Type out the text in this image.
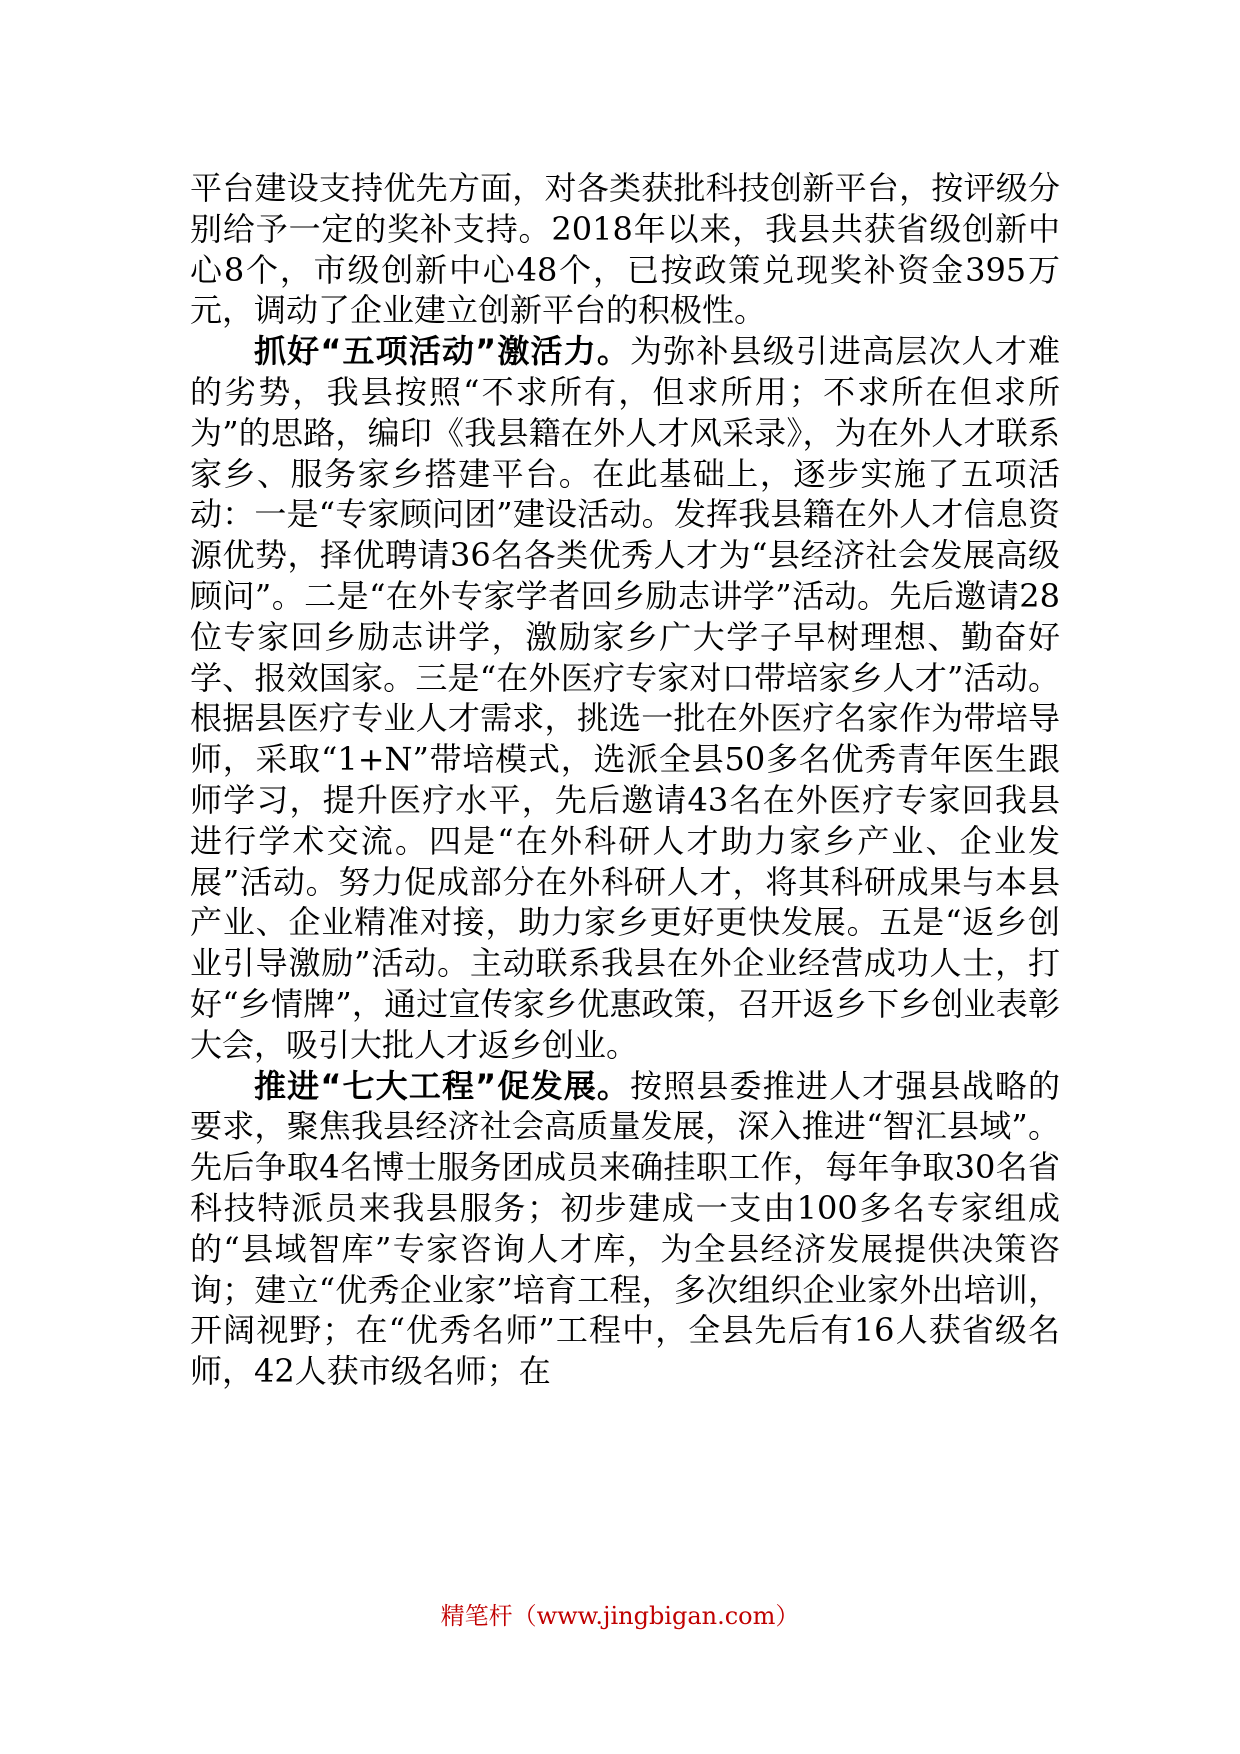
平台建设支持优先方面，对各类获批科技创新平台，按评级分别给予一定的奖补支持。2018年以来，我县共获省级创新中心8个，市级创新中心48个，已按政策兑现奖补资金395万元，调动了企业建立创新平台的积极性。

抓好“五项活动”激活力。为弥补县级引进高层次人才难的劣势，我县按照“不求所有，但求所用；不求所在但求所为”的思路，编印《我县籍在外人才风采录》，为在外人才联系家乡、服务家乡搭建平台。在此基础上，逐步实施了五项活动：一是“专家顾问团”建设活动。发挥我县籍在外人才信息资源优势，择优聘请36名各类优秀人才为“县经济社会发展高级顾问”。二是“在外专家学者回乡励志讲学”活动。先后邀请28位专家回乡励志讲学，激励家乡广大学子早树理想、勤奋好学、报效国家。三是“在外医疗专家对口带培家乡人才”活动。根据县医疗专业人才需求，挑选一批在外医疗名家作为带培导师，采取“1+N”带培模式，选派全县50多名优秀青年医生跟师学习，提升医疗水平，先后邀请43名在外医疗专家回我县进行学术交流。四是“在外科研人才助力家乡产业、企业发展”活动。努力促成部分在外科研人才，将其科研成果与本县产业、企业精准对接，助力家乡更好更快发展。五是“返乡创业引导激励”活动。主动联系我县在外企业经营成功人士，打好“乡情牌”，通过宣传家乡优惠政策，召开返乡下乡创业表彰大会，吸引大批人才返乡创业。

推进“七大工程”促发展。按照县委推进人才强县战略的要求，聚焦我县经济社会高质量发展，深入推进“智汇县域”。先后争取4名博士服务团成员来确挂职工作，每年争取30名省科技特派员来我县服务；初步建成一支由100多名专家组成的“县域智库”专家咨询人才库，为全县经济发展提供决策咨询；建立“优秀企业家”培育工程，多次组织企业家外出培训，开阔视野；在“优秀名师”工程中，全县先后有16人获省级名师，42人获市级名师；在

精笔杆（www.jingbigan.com）
